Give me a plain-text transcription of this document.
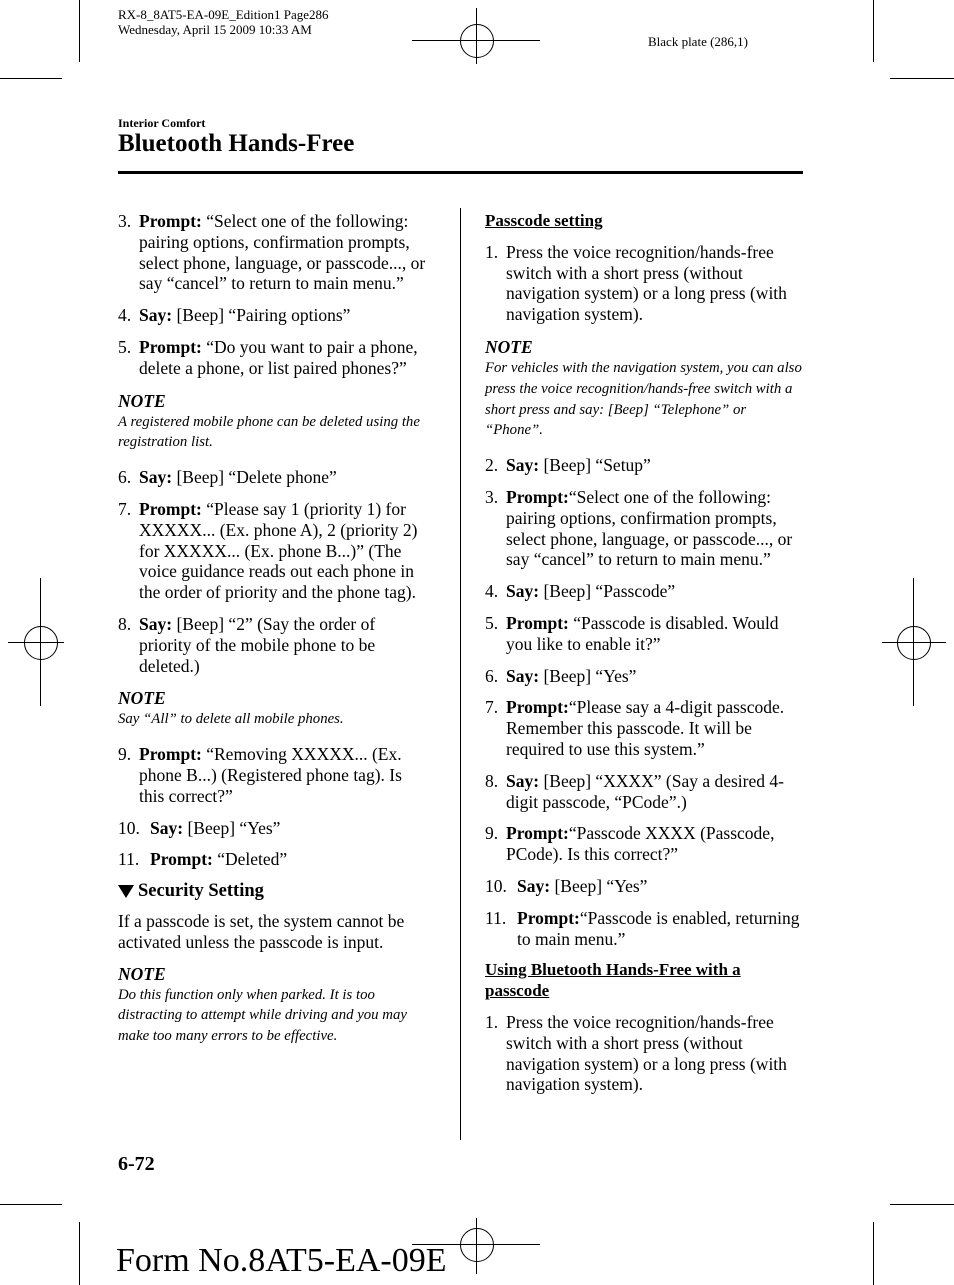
RX-8_8AT5-EA-09E_Edition1 Page286
Wednesday, April 15 2009 10:33 AM
Black plate (286,1)
Interior Comfort
Bluetooth Hands-Free
3. Prompt: “Select one of the following: pairing options, confirmation prompts, select phone, language, or passcode..., or say “cancel” to return to main menu.”
4. Say: [Beep] “Pairing options”
5. Prompt: “Do you want to pair a phone, delete a phone, or list paired phones?”
NOTE
A registered mobile phone can be deleted using the registration list.
6. Say: [Beep] “Delete phone”
7. Prompt: “Please say 1 (priority 1) for XXXXX... (Ex. phone A), 2 (priority 2) for XXXXX... (Ex. phone B...)” (The voice guidance reads out each phone in the order of priority and the phone tag).
8. Say: [Beep] “2” (Say the order of priority of the mobile phone to be deleted.)
NOTE
Say “All” to delete all mobile phones.
9. Prompt: “Removing XXXXX... (Ex. phone B...) (Registered phone tag). Is this correct?”
10. Say: [Beep] “Yes”
11. Prompt: “Deleted”
Security Setting
If a passcode is set, the system cannot be activated unless the passcode is input.
NOTE
Do this function only when parked. It is too distracting to attempt while driving and you may make too many errors to be effective.
Passcode setting
1. Press the voice recognition/hands-free switch with a short press (without navigation system) or a long press (with navigation system).
NOTE
For vehicles with the navigation system, you can also press the voice recognition/hands-free switch with a short press and say: [Beep] “Telephone” or “Phone”.
2. Say: [Beep] “Setup”
3. Prompt:“Select one of the following: pairing options, confirmation prompts, select phone, language, or passcode..., or say “cancel” to return to main menu.”
4. Say: [Beep] “Passcode”
5. Prompt: “Passcode is disabled. Would you like to enable it?”
6. Say: [Beep] “Yes”
7. Prompt:“Please say a 4-digit passcode. Remember this passcode. It will be required to use this system.”
8. Say: [Beep] “XXXX” (Say a desired 4-digit passcode, “PCode”.)
9. Prompt:“Passcode XXXX (Passcode, PCode). Is this correct?”
10. Say: [Beep] “Yes”
11. Prompt:“Passcode is enabled, returning to main menu.”
Using Bluetooth Hands-Free with a passcode
1. Press the voice recognition/hands-free switch with a short press (without navigation system) or a long press (with navigation system).
6-72
Form No.8AT5-EA-09E
